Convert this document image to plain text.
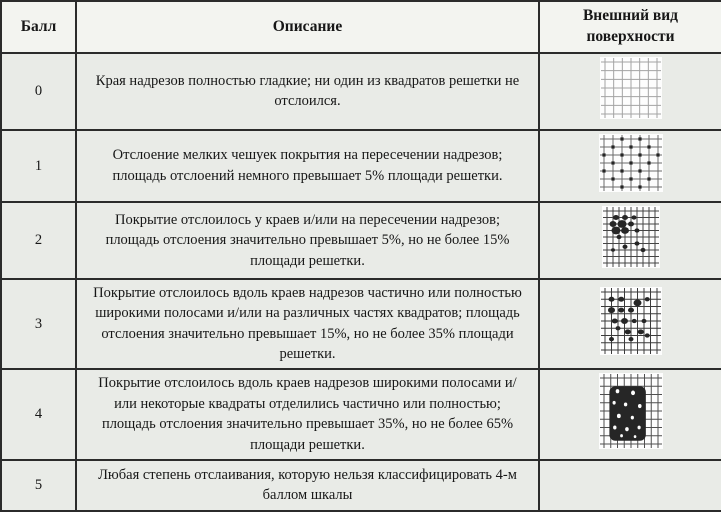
Балл	Описание	Внешний вид поверхности
0	Края надрезов полностью гладкие; ни один из квадратов решетки не отслоился.	
1	Отслоение мелких чешуек покрытия на пересечении надрезов; площадь отслоений немного превышает 5% площади решетки.	
2	Покрытие отслоилось у краев и/или на пересечении надрезов; площадь отслоения значительно превышает 5%, но не более 15% площади решетки.	
3	Покрытие отслоилось вдоль краев надрезов частично или полностью широкими полосами и/или на различных частях квадратов; площадь отслоения значительно превышает 15%, но не более 35% площади решетки.	
4	Покрытие отслоилось вдоль краев надрезов широкими полосами и/или некоторые квадраты отделились частично или полностью; площадь отслоения значительно превышает 35%, но не более 65% площади решетки.	
5	Любая степень отслаивания, которую нельзя классифицировать 4-м баллом шкалы	
